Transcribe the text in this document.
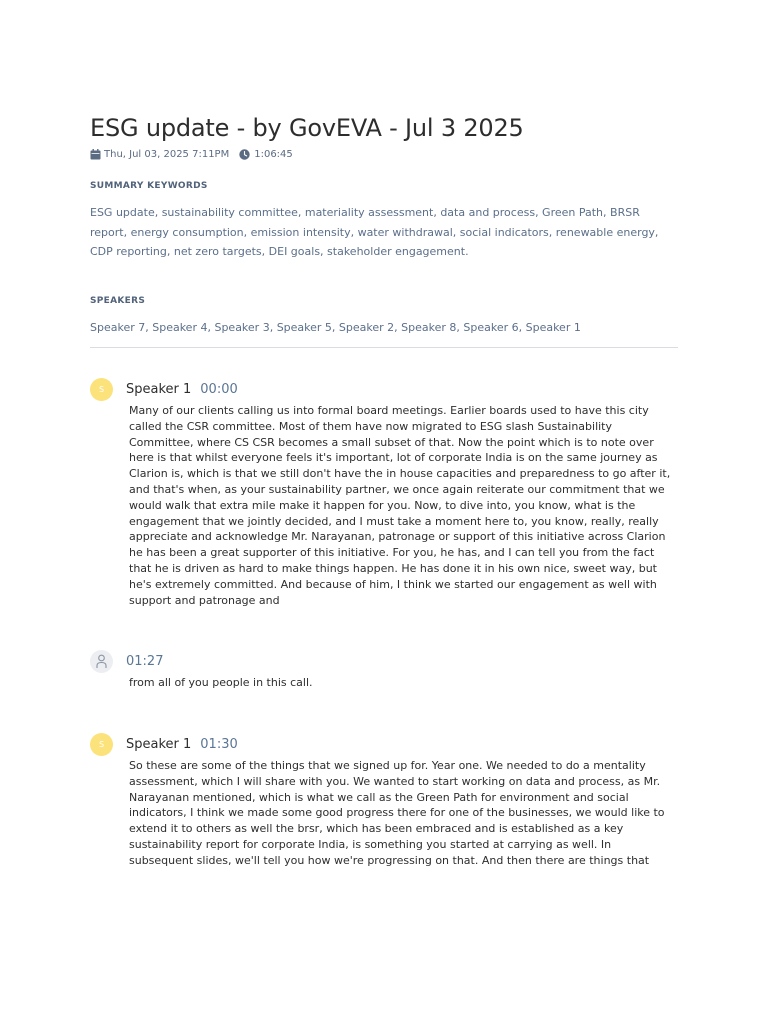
ESG update - by GovEVA - Jul 3 2025
Thu, Jul 03, 2025 7:11PM	1:06:45
SUMMARY KEYWORDS
ESG update, sustainability committee, materiality assessment, data and process, Green Path, BRSR report, energy consumption, emission intensity, water withdrawal, social indicators, renewable energy, CDP reporting, net zero targets, DEI goals, stakeholder engagement.
SPEAKERS
Speaker 7, Speaker 4, Speaker 3, Speaker 5, Speaker 2, Speaker 8, Speaker 6, Speaker 1
S	Speaker 1 00:00
Many of our clients calling us into formal board meetings. Earlier boards used to have this city called the CSR committee. Most of them have now migrated to ESG slash Sustainability Committee, where CS CSR becomes a small subset of that. Now the point which is to note over here is that whilst everyone feels it's important, lot of corporate India is on the same journey as Clarion is, which is that we still don't have the in house capacities and preparedness to go after it, and that's when, as your sustainability partner, we once again reiterate our commitment that we would walk that extra mile make it happen for you. Now, to dive into, you know, what is the engagement that we jointly decided, and I must take a moment here to, you know, really, really appreciate and acknowledge Mr. Narayanan, patronage or support of this initiative across Clarion he has been a great supporter of this initiative. For you, he has, and I can tell you from the fact that he is driven as hard to make things happen. He has done it in his own nice, sweet way, but he's extremely committed. And because of him, I think we started our engagement as well with support and patronage and
01:27
from all of you people in this call.
S	Speaker 1 01:30
So these are some of the things that we signed up for. Year one. We needed to do a mentality assessment, which I will share with you. We wanted to start working on data and process, as Mr. Narayanan mentioned, which is what we call as the Green Path for environment and social indicators, I think we made some good progress there for one of the businesses, we would like to extend it to others as well the brsr, which has been embraced and is established as a key sustainability report for corporate India, is something you started at carrying as well. In subsequent slides, we'll tell you how we're progressing on that. And then there are things that
